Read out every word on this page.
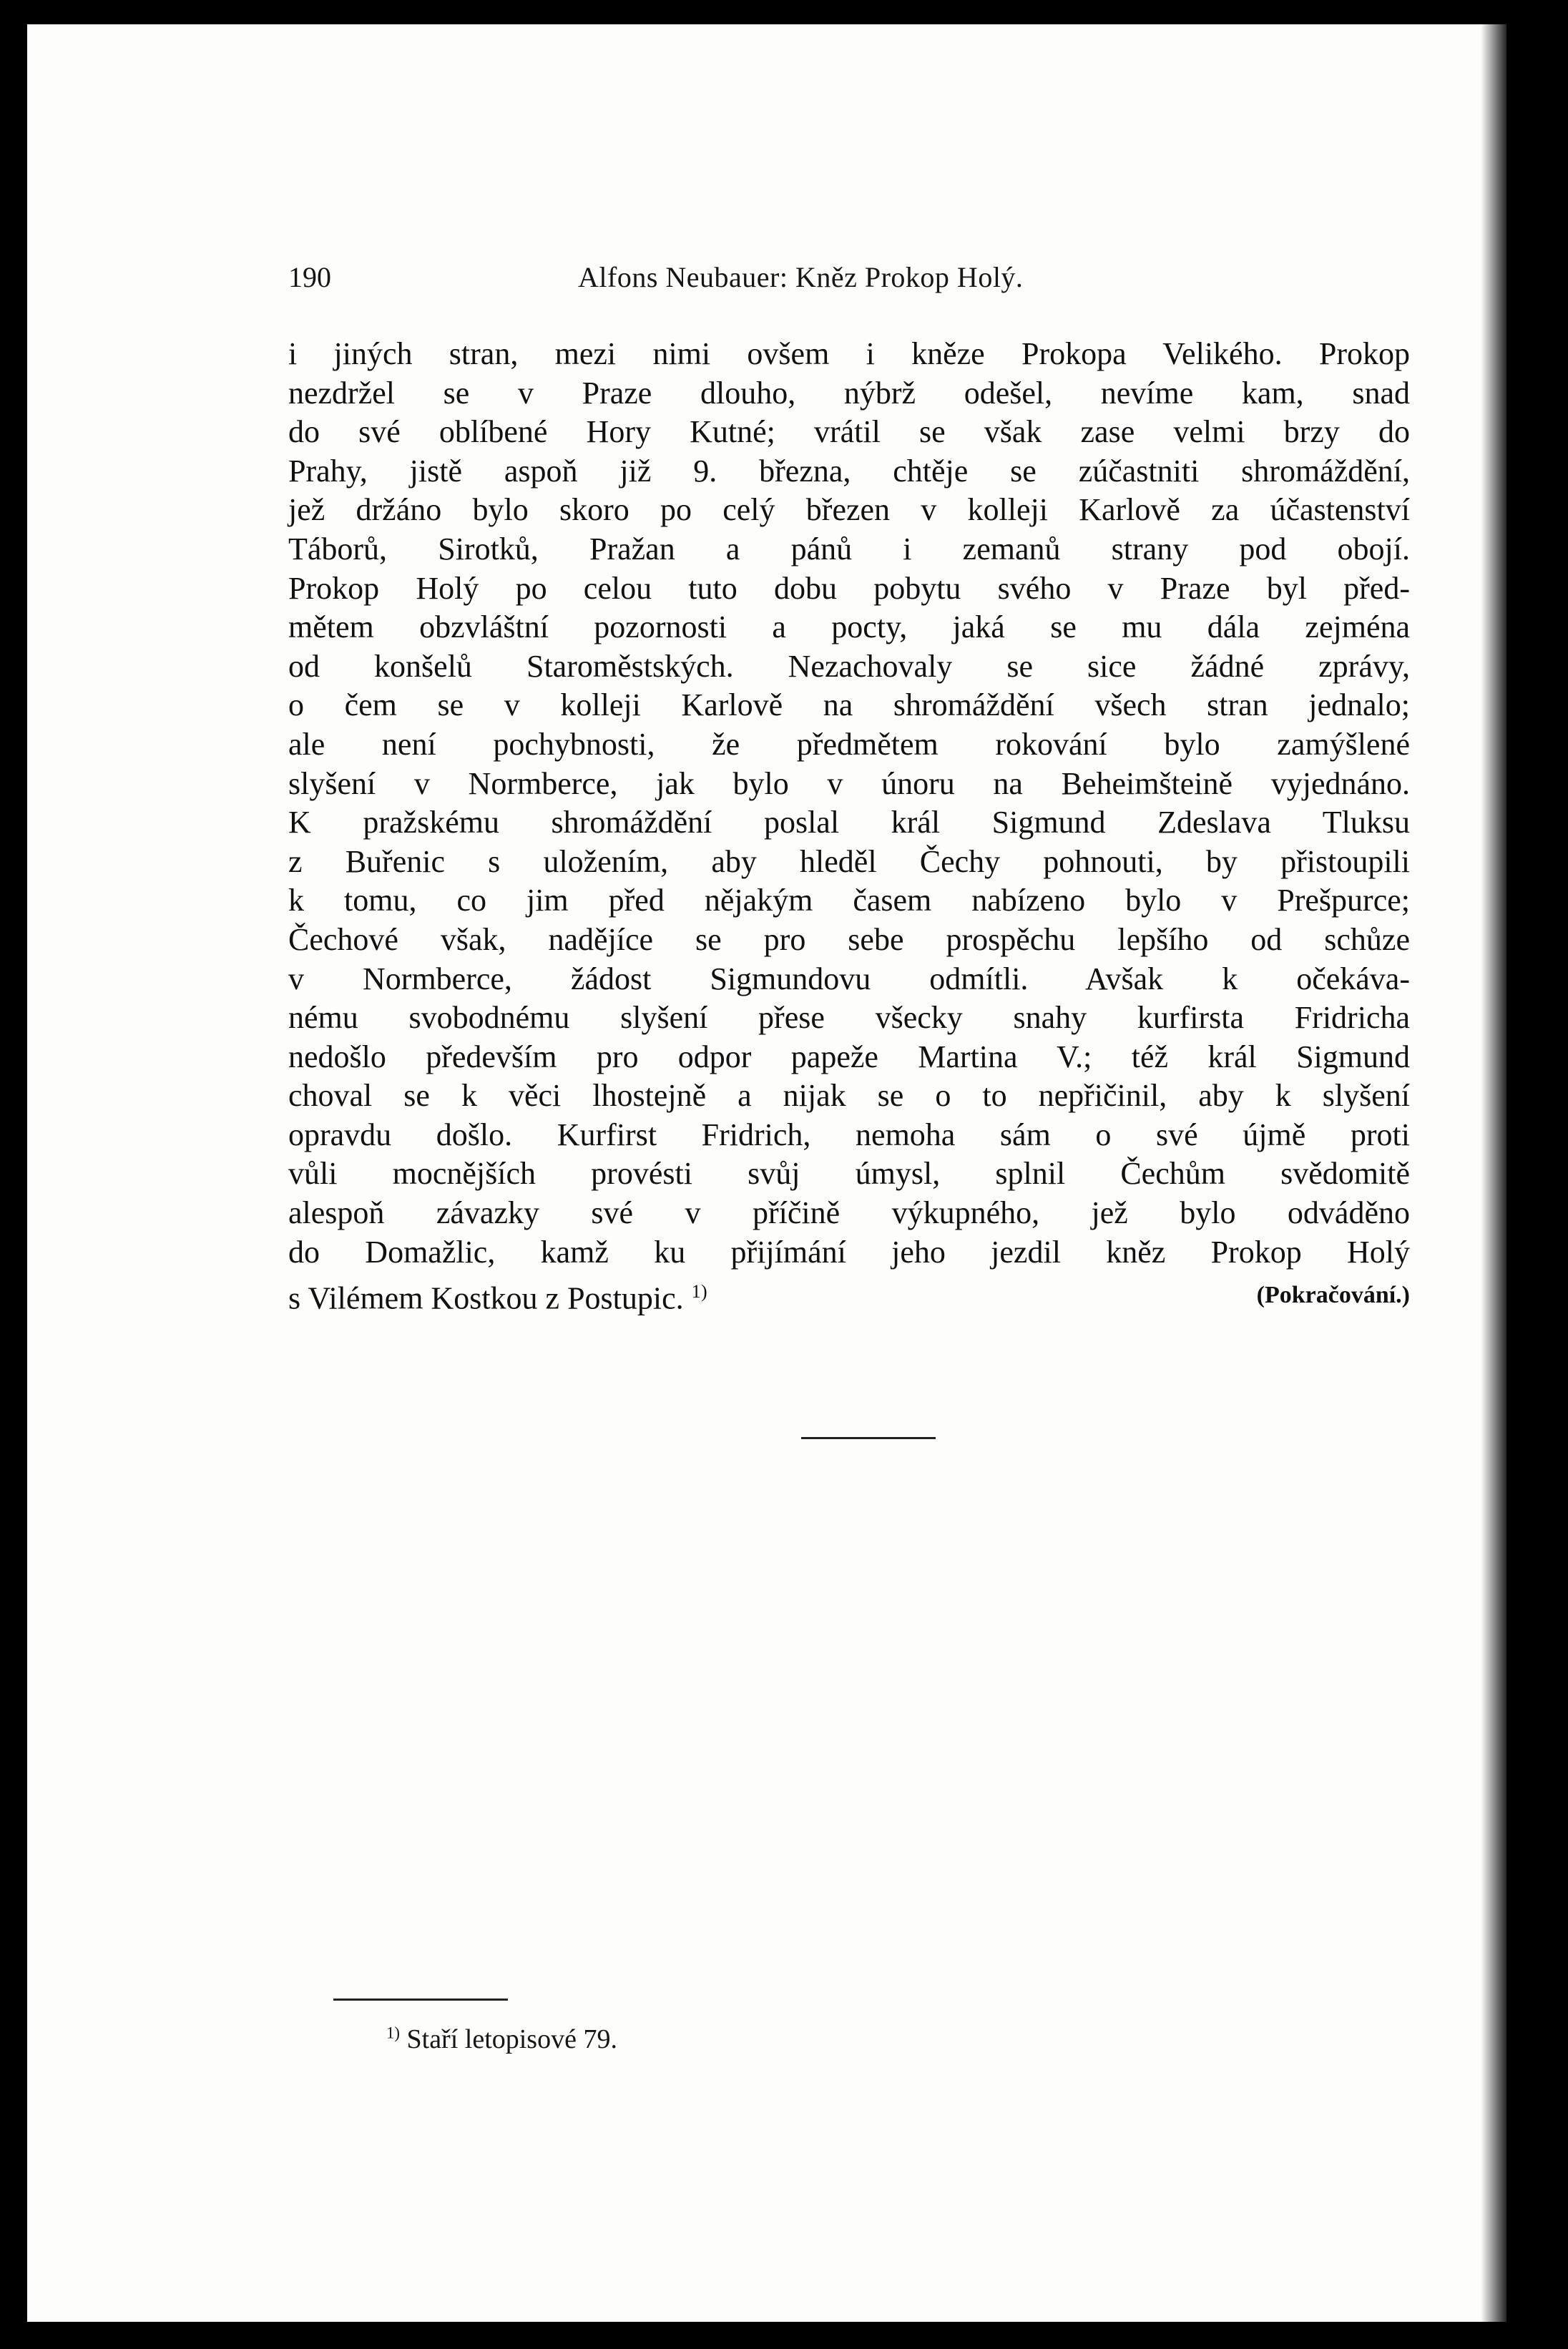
190	Alfons Neubauer: Kněz Prokop Holý.
i jiných stran, mezi nimi ovšem i kněze Prokopa Velikého. Prokop
nezdržel se v Praze dlouho, nýbrž odešel, nevíme kam, snad
do své oblíbené Hory Kutné; vrátil se však zase velmi brzy do
Prahy, jistě aspoň již 9. března, chtěje se zúčastniti shromáždění,
jež držáno bylo skoro po celý březen v kolleji Karlově za účastenství
Táborů, Sirotků, Pražan a pánů i zemanů strany pod obojí.
Prokop Holý po celou tuto dobu pobytu svého v Praze byl před-
mětem obzvláštní pozornosti a pocty, jaká se mu dála zejména
od konšelů Staroměstských. Nezachovaly se sice žádné zprávy,
o čem se v kolleji Karlově na shromáždění všech stran jednalo;
ale není pochybnosti, že předmětem rokování bylo zamýšlené
slyšení v Normberce, jak bylo v únoru na Beheimšteině vyjednáno.
K pražskému shromáždění poslal král Sigmund Zdeslava Tluksu
z Buřenic s uložením, aby hleděl Čechy pohnouti, by přistoupili
k tomu, co jim před nějakým časem nabízeno bylo v Prešpurce;
Čechové však, nadějíce se pro sebe prospěchu lepšího od schůze
v Normberce, žádost Sigmundovu odmítli. Avšak k očekáva-
nému svobodnému slyšení přese všecky snahy kurfirsta Fridricha
nedošlo především pro odpor papeže Martina V.; též král Sigmund
choval se k věci lhostejně a nijak se o to nepřičinil, aby k slyšení
opravdu došlo. Kurfirst Fridrich, nemoha sám o své újmě proti
vůli mocnějších provésti svůj úmysl, splnil Čechům svědomitě
alespoň závazky své v příčině výkupného, jež bylo odváděno
do Domažlic, kamž ku přijímání jeho jezdil kněz Prokop Holý
s Vilémem Kostkou z Postupic. $^{1)}$	(Pokračování.)
$^{1)}$ Staří letopisové 79.
